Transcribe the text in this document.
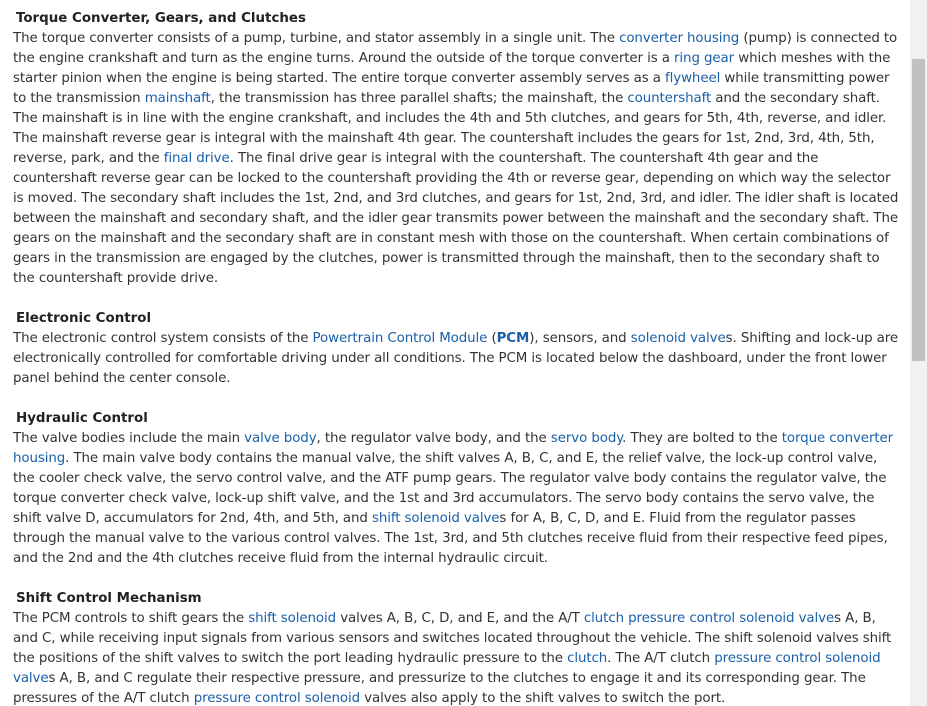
Torque Converter, Gears, and Clutches

The torque converter consists of a pump, turbine, and stator assembly in a single unit. The converter housing (pump) is connected to the engine crankshaft and turn as the engine turns. Around the outside of the torque converter is a ring gear which meshes with the starter pinion when the engine is being started. The entire torque converter assembly serves as a flywheel while transmitting power to the transmission mainshaft, the transmission has three parallel shafts; the mainshaft, the countershaft and the secondary shaft. The mainshaft is in line with the engine crankshaft, and includes the 4th and 5th clutches, and gears for 5th, 4th, reverse, and idler. The mainshaft reverse gear is integral with the mainshaft 4th gear. The countershaft includes the gears for 1st, 2nd, 3rd, 4th, 5th, reverse, park, and the final drive. The final drive gear is integral with the countershaft. The countershaft 4th gear and the countershaft reverse gear can be locked to the countershaft providing the 4th or reverse gear, depending on which way the selector is moved. The secondary shaft includes the 1st, 2nd, and 3rd clutches, and gears for 1st, 2nd, 3rd, and idler. The idler shaft is located between the mainshaft and secondary shaft, and the idler gear transmits power between the mainshaft and the secondary shaft. The gears on the mainshaft and the secondary shaft are in constant mesh with those on the countershaft. When certain combinations of gears in the transmission are engaged by the clutches, power is transmitted through the mainshaft, then to the secondary shaft to the countershaft provide drive.

Electronic Control

The electronic control system consists of the Powertrain Control Module (PCM), sensors, and solenoid valves. Shifting and lock-up are electronically controlled for comfortable driving under all conditions. The PCM is located below the dashboard, under the front lower panel behind the center console.

Hydraulic Control

The valve bodies include the main valve body, the regulator valve body, and the servo body. They are bolted to the torque converter housing. The main valve body contains the manual valve, the shift valves A, B, C, and E, the relief valve, the lock-up control valve, the cooler check valve, the servo control valve, and the ATF pump gears. The regulator valve body contains the regulator valve, the torque converter check valve, lock-up shift valve, and the 1st and 3rd accumulators. The servo body contains the servo valve, the shift valve D, accumulators for 2nd, 4th, and 5th, and shift solenoid valves for A, B, C, D, and E. Fluid from the regulator passes through the manual valve to the various control valves. The 1st, 3rd, and 5th clutches receive fluid from their respective feed pipes, and the 2nd and the 4th clutches receive fluid from the internal hydraulic circuit.

Shift Control Mechanism

The PCM controls to shift gears the shift solenoid valves A, B, C, D, and E, and the A/T clutch pressure control solenoid valves A, B, and C, while receiving input signals from various sensors and switches located throughout the vehicle. The shift solenoid valves shift the positions of the shift valves to switch the port leading hydraulic pressure to the clutch. The A/T clutch pressure control solenoid valves A, B, and C regulate their respective pressure, and pressurize to the clutches to engage it and its corresponding gear. The pressures of the A/T clutch pressure control solenoid valves also apply to the shift valves to switch the port.
